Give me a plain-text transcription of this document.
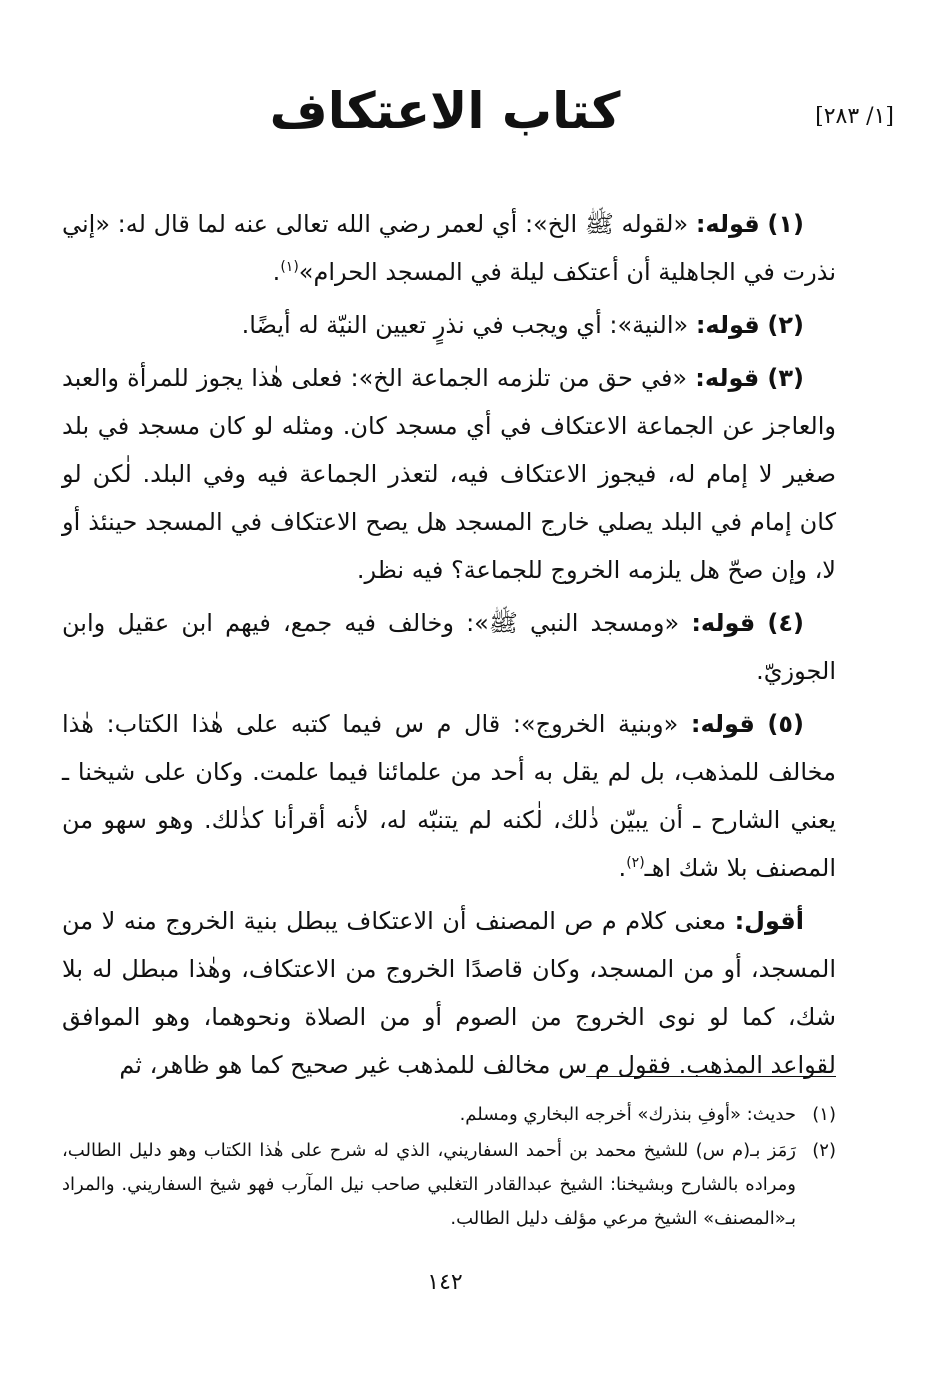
[١/ ٢٨٣]
كتاب الاعتكاف

(١) قوله: «لقوله ﷺ الخ»: أي لعمر رضي الله تعالى عنه لما قال له: «إني نذرت في الجاهلية أن أعتكف ليلة في المسجد الحرام»$^{(١)}$.

(٢) قوله: «النية»: أي ويجب في نذرٍ تعيين النيّة له أيضًا.

(٣) قوله: «في حق من تلزمه الجماعة الخ»: فعلى هٰذا يجوز للمرأة والعبد والعاجز عن الجماعة الاعتكاف في أي مسجد كان. ومثله لو كان مسجد في بلد صغير لا إمام له، فيجوز الاعتكاف فيه، لتعذر الجماعة فيه وفي البلد. لٰكن لو كان إمام في البلد يصلي خارج المسجد هل يصح الاعتكاف في المسجد حينئذ أو لا، وإن صحّ هل يلزمه الخروج للجماعة؟ فيه نظر.

(٤) قوله: «ومسجد النبي ﷺ»: وخالف فيه جمع، فيهم ابن عقيل وابن الجوزيّ.

(٥) قوله: «وبنية الخروج»: قال م س فيما كتبه على هٰذا الكتاب: هٰذا مخالف للمذهب، بل لم يقل به أحد من علمائنا فيما علمت. وكان على شيخنا ـ يعني الشارح ـ أن يبيّن ذٰلك، لٰكنه لم يتنبّه له، لأنه أقرأنا كذٰلك. وهو سهو من المصنف بلا شك اهـ$^{(٢)}$.

أقول: معنى كلام م ص المصنف أن الاعتكاف يبطل بنية الخروج منه لا من المسجد، أو من المسجد، وكان قاصدًا الخروج من الاعتكاف، وهٰذا مبطل له بلا شك، كما لو نوى الخروج من الصوم أو من الصلاة ونحوهما، وهو الموافق لقواعد المذهب. فقول م س مخالف للمذهب غير صحيح كما هو ظاهر، ثم

(١)
حديث: «أوفِ بنذرك» أخرجه البخاري ومسلم.
(٢)
رَمَز بـ(م س) للشيخ محمد بن أحمد السفاريني، الذي له شرح على هٰذا الكتاب وهو دليل الطالب، ومراده بالشارح وبشيخنا: الشيخ عبدالقادر التغلبي صاحب نيل المآرب فهو شيخ السفاريني. والمراد بـ«المصنف» الشيخ مرعي مؤلف دليل الطالب.
١٤٢
